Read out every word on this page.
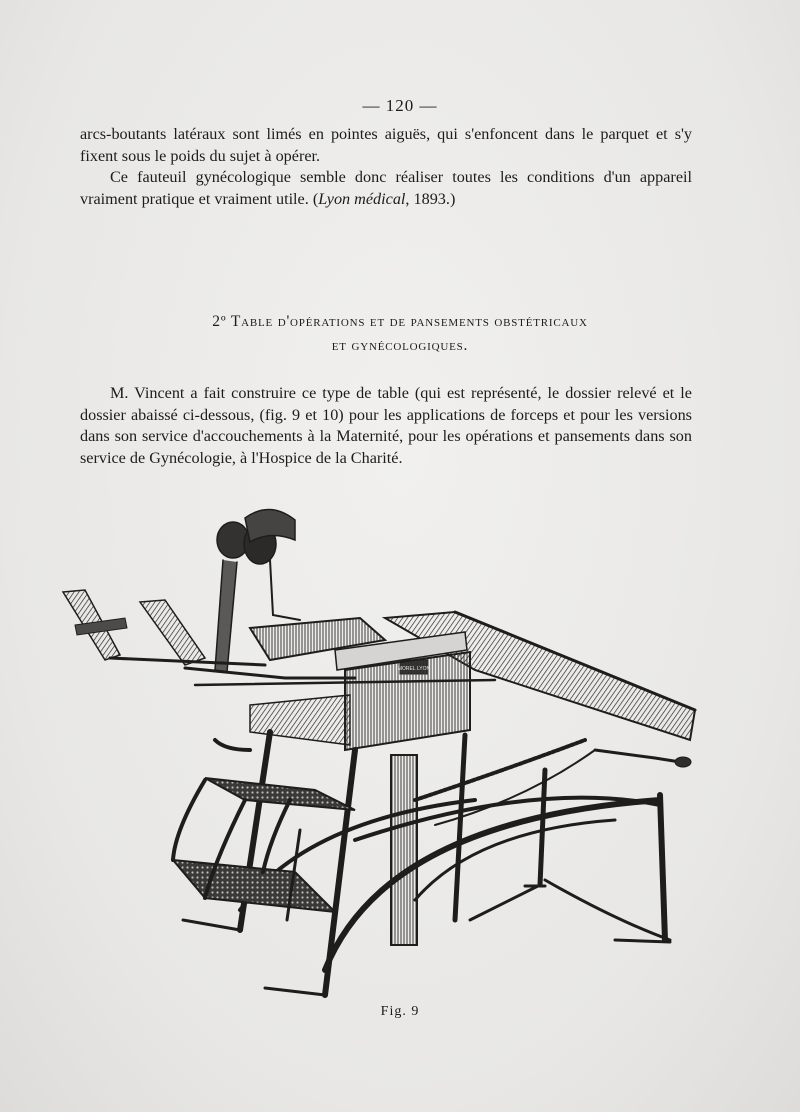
— 120 —

arcs-boutants latéraux sont limés en pointes aiguës, qui s'enfoncent dans le parquet et s'y fixent sous le poids du sujet à opérer.

Ce fauteuil gynécologique semble donc réaliser toutes les conditions d'un appareil vraiment pratique et vraiment utile. (Lyon médical, 1893.)

2º Table d'opérations et de pansements obstétricaux
et gynécologiques.

M. Vincent a fait construire ce type de table (qui est représenté, le dossier relevé et le dossier abaissé ci-dessous, (fig. 9 et 10) pour les applications de forceps et pour les versions dans son service d'accouchements à la Maternité, pour les opérations et pansements dans son service de Gynécologie, à l'Hospice de la Charité.

MOREL LYON
Fig. 9
